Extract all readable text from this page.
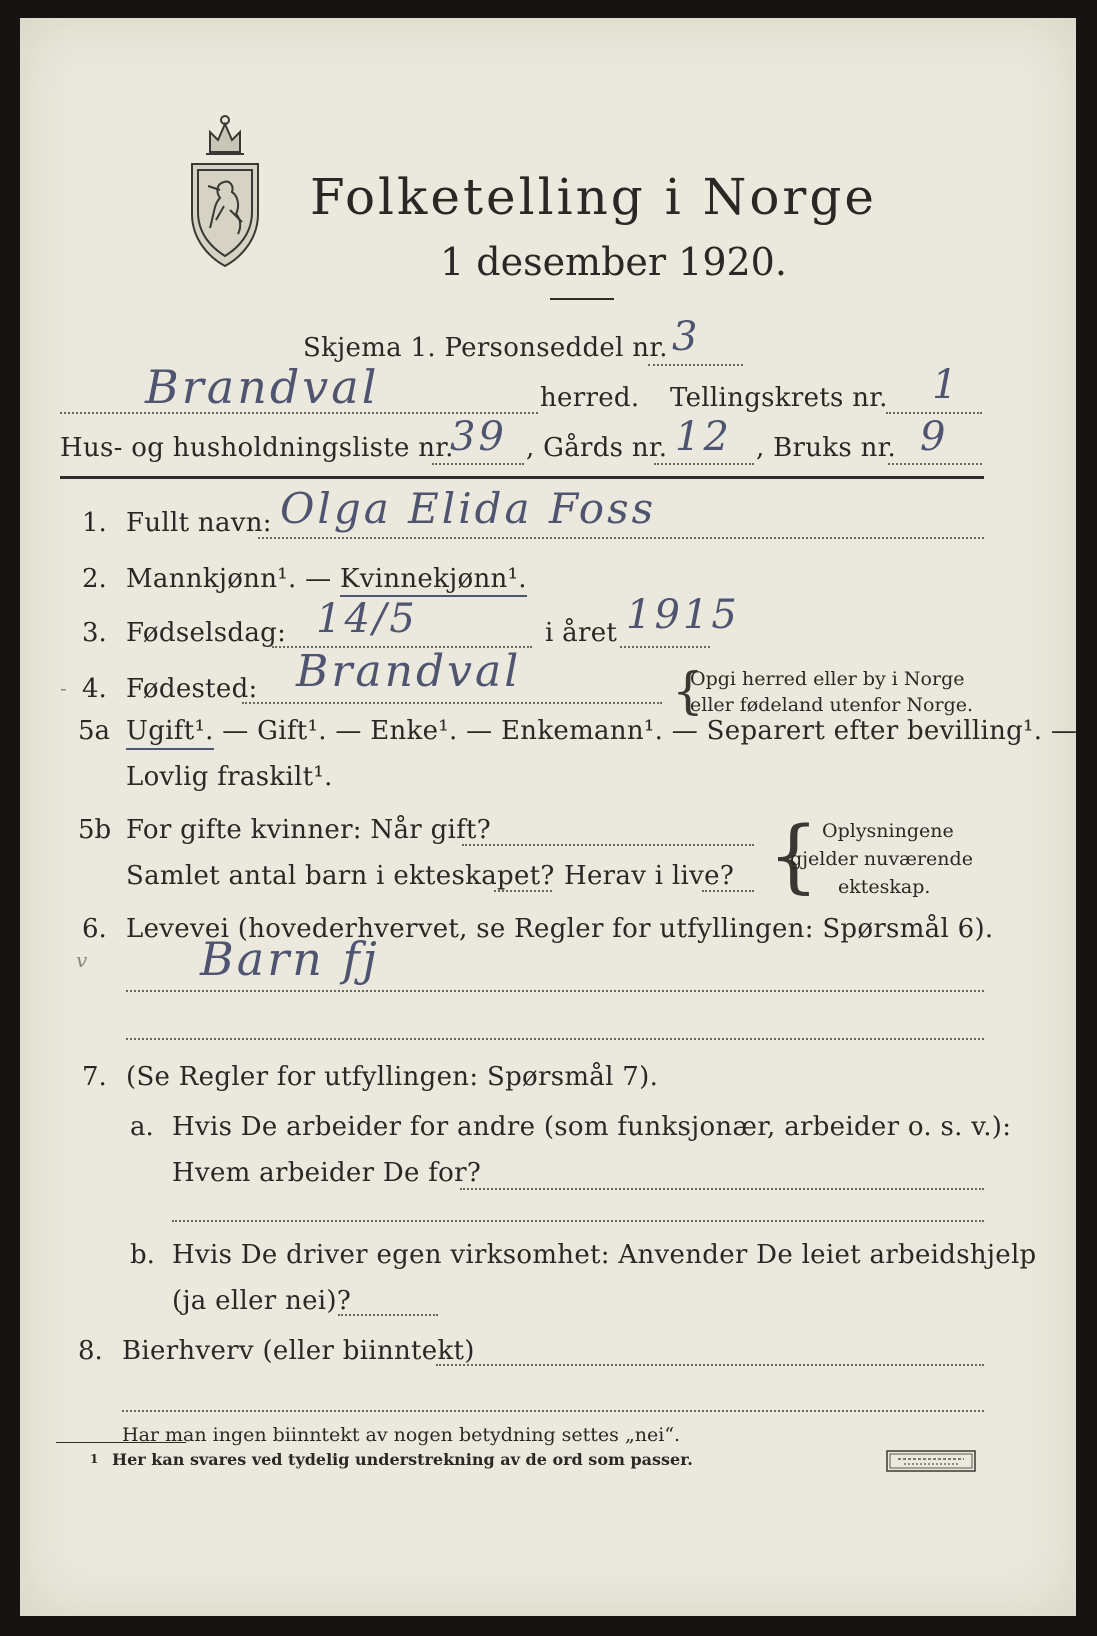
Folketelling i Norge
1 desember 1920.
Skjema 1. Personseddel nr. 3
Brandval	herred. Tellingskrets nr. 1
Hus- og husholdningsliste nr.
39 , Gårds nr. 12 , Bruks nr. 9
1. Fullt navn: Olga Elida Foss
2. Mannkjønn¹. — Kvinnekjønn¹.
3. Fødselsdag: 14/5	i året 1915
- 4. Fødested: Brandval	{
Opgi herred eller by i Norge
eller fødeland utenfor Norge.
5a Ugift¹. — Gift¹. — Enke¹. — Enkemann¹. — Separert efter bevilling¹. —
Lovlig fraskilt¹.
5b For gifte kvinner: Når gift?
Samlet antal barn i ekteskapet? Herav i live? { Oplysningene
gjelder nuværende
ekteskap.
6. Levevei (hovederhvervet, se Regler for utfyllingen: Spørsmål 6).
v Barn fj
7. (Se Regler for utfyllingen: Spørsmål 7).
a. Hvis De arbeider for andre (som funksjonær, arbeider o. s. v.):
Hvem arbeider De for?
b. Hvis De driver egen virksomhet: Anvender De leiet arbeidshjelp
(ja eller nei)?
8. Bierhverv (eller biinntekt)
Har man ingen biinntekt av nogen betydning settes „nei“.
1 Her kan svares ved tydelig understrekning av de ord som passer.
